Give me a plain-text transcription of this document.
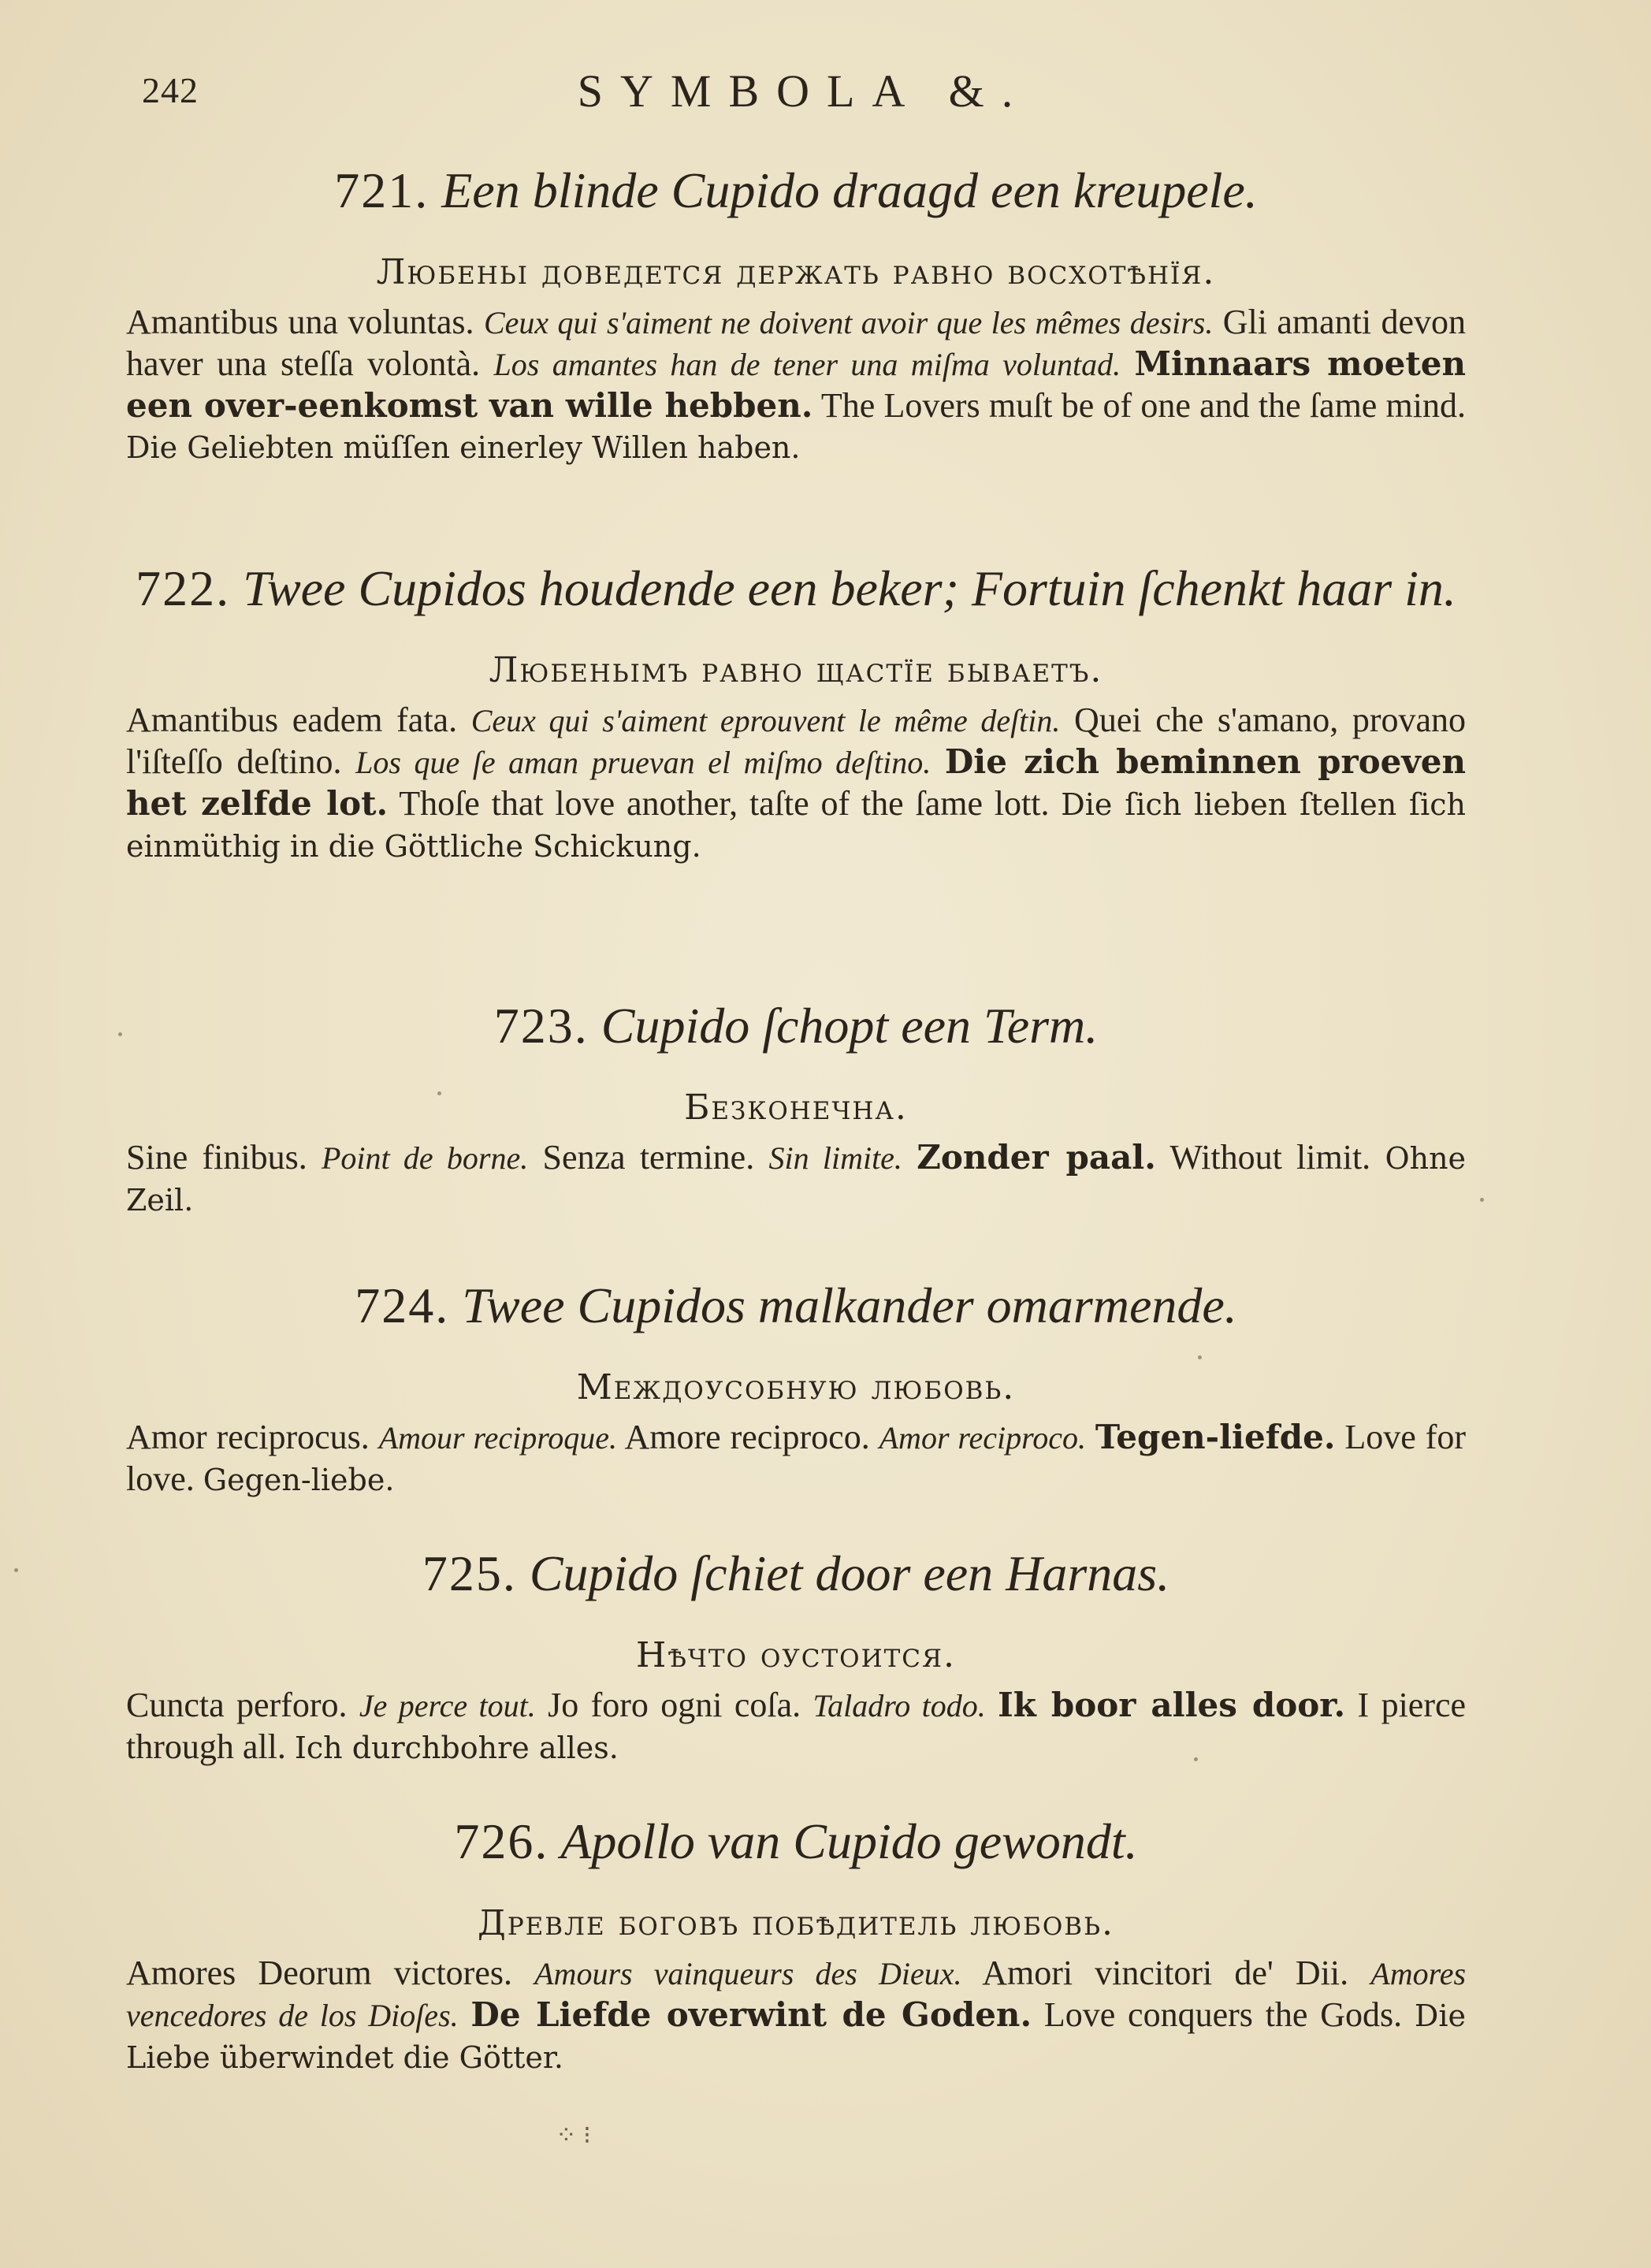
242	SYMBOLA &.

721. Een blinde Cupido draagd een kreupele.

Любеньі доведется держать равно восхотѣнїя.
Amantibus una voluntas. Ceux qui s'aiment ne doivent avoir que les mêmes desirs. Gli amanti devon haver una steſſa volontà. Los amantes han de tener una miſma voluntad. Minnaars moeten een over-eenkomst van wille hebben. The Lovers muſt be of one and the ſame mind. Die Geliebten müſſen einerley Willen haben.

722. Twee Cupidos houdende een beker; Fortuin ſchenkt haar in.

Любеньімъ равно щастїе бываетъ.
Amantibus eadem fata. Ceux qui s'aiment eprouvent le même deſtin. Quei che s'amano, provano l'iſteſſo deſtino. Los que ſe aman pruevan el miſmo deſtino. Die zich beminnen proeven het zelfde lot. Thoſe that love another, taſte of the ſame lott. Die ſich lieben ſtellen ſich einmüthig in die Göttliche Schickung.

723. Cupido ſchopt een Term.

Безконечна.
Sine finibus. Point de borne. Senza termine. Sin limite. Zonder paal. Without limit. Ohne Zeil.

724. Twee Cupidos malkander omarmende.

Междоусобную любовь.
Amor reciprocus. Amour reciproque. Amore reciproco. Amor reciproco. Tegen-liefde. Love for love. Gegen-liebe.

725. Cupido ſchiet door een Harnas.

Нѣчто оустоится.
Cuncta perforo. Je perce tout. Jo foro ogni coſa. Taladro todo. Ik boor alles door. I pierce through all. Ich durchbohre alles.

726. Apollo van Cupido gewondt.

Древле боговъ побѣдитель любовь.
Amores Deorum victores. Amours vainqueurs des Dieux. Amori vincitori de' Dii. Amores vencedores de los Dioſes. De Liefde overwint de Goden. Love conquers the Gods. Die Liebe überwindet die Götter.
⁘ ⁝
